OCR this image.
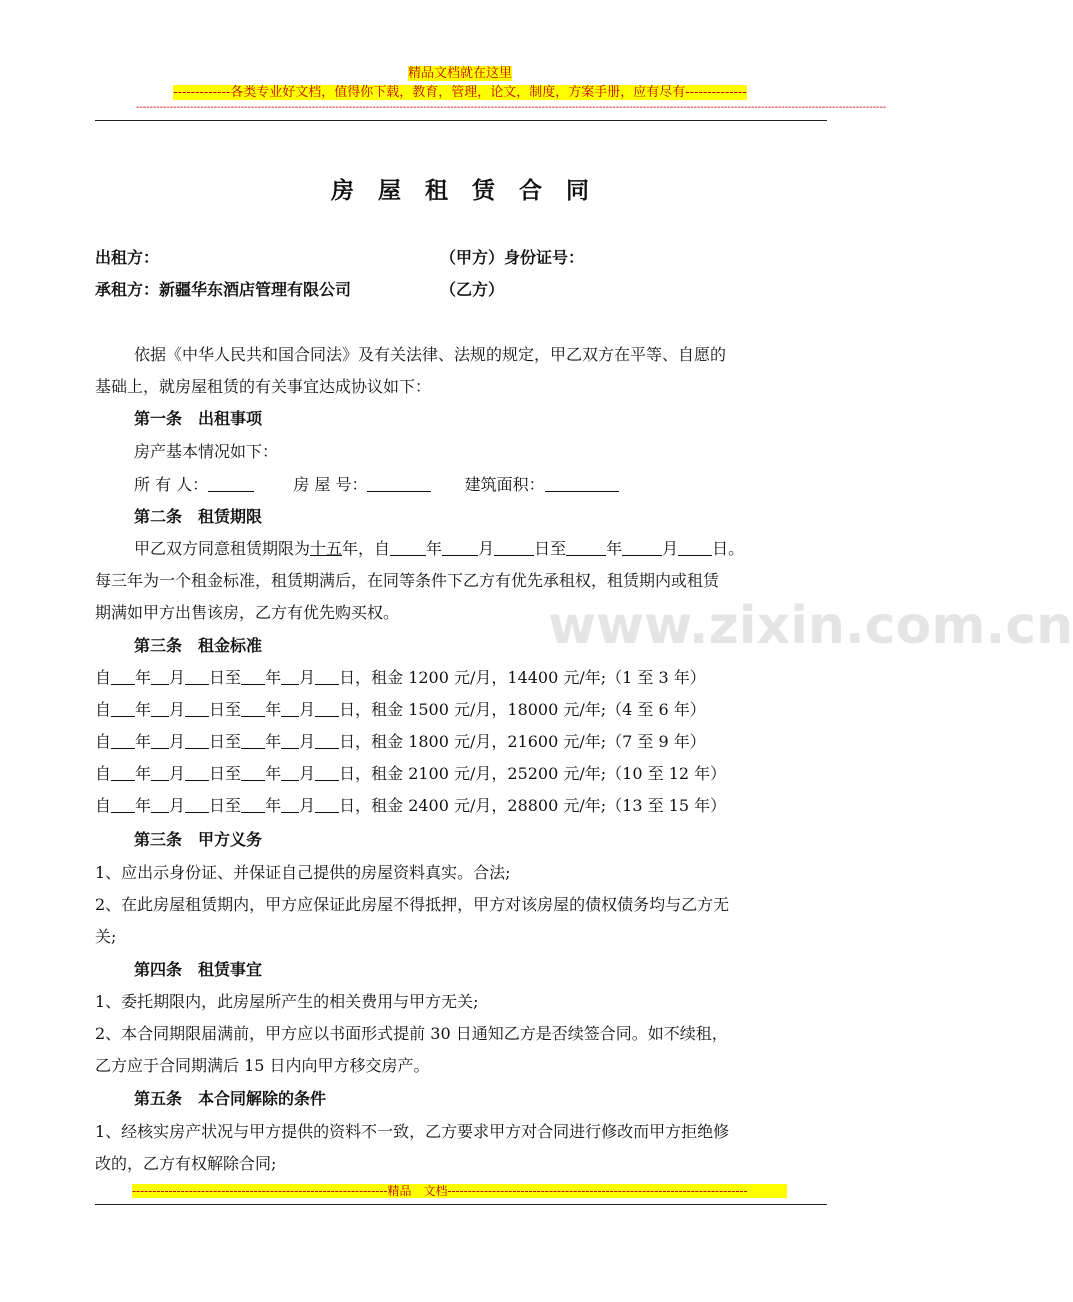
精品文档就在这里
-------------各类专业好文档，值得你下载，教育，管理，论文，制度，方案手册，应有尽有--------------
------------------------------------------------------------------------------------------------------------------------------------------------------------------------------------------------------------------------------
www.zixin.com.cn
房屋租赁合同
出租方：	（甲方）身份证号：
承租方：新疆华东酒店管理有限公司	（乙方）
依据《中华人民共和国合同法》及有关法律、法规的规定，甲乙双方在平等、自愿的
基础上，就房屋租赁的有关事宜达成协议如下：
第一条　出租事项
房产基本情况如下：
所 有 人：	房 屋 号：	建筑面积：
第二条　租赁期限
甲乙双方同意租赁期限为十五年，自 年 月	日至	年	月 日。
每三年为一个租金标准，租赁期满后，在同等条件下乙方有优先承租权，租赁期内或租赁
期满如甲方出售该房，乙方有优先购买权。
第三条　租金标准
自 年 月 日至 年 月 日，租金 1200 元/月，14400 元/年;（1 至 3 年）
自 年 月 日至 年 月 日，租金 1500 元/月，18000 元/年;（4 至 6 年）
自 年 月 日至 年 月 日，租金 1800 元/月，21600 元/年;（7 至 9 年）
自 年 月 日至 年 月 日，租金 2100 元/月，25200 元/年;（10 至 12 年）
自 年 月 日至 年 月 日，租金 2400 元/月，28800 元/年;（13 至 15 年）
第三条　甲方义务
1、应出示身份证、并保证自己提供的房屋资料真实。合法;
2、在此房屋租赁期内，甲方应保证此房屋不得抵押，甲方对该房屋的债权债务均与乙方无
关;
第四条　租赁事宜
1、委托期限内，此房屋所产生的相关费用与甲方无关;
2、本合同期限届满前，甲方应以书面形式提前 30 日通知乙方是否续签合同。如不续租，
乙方应于合同期满后 15 日内向甲方移交房产。
第五条　本合同解除的条件
1、经核实房产状况与甲方提供的资料不一致，乙方要求甲方对合同进行修改而甲方拒绝修
改的，乙方有权解除合同;
---------------------------------------------------------------精品　文档--------------------------------------------------------------------------
